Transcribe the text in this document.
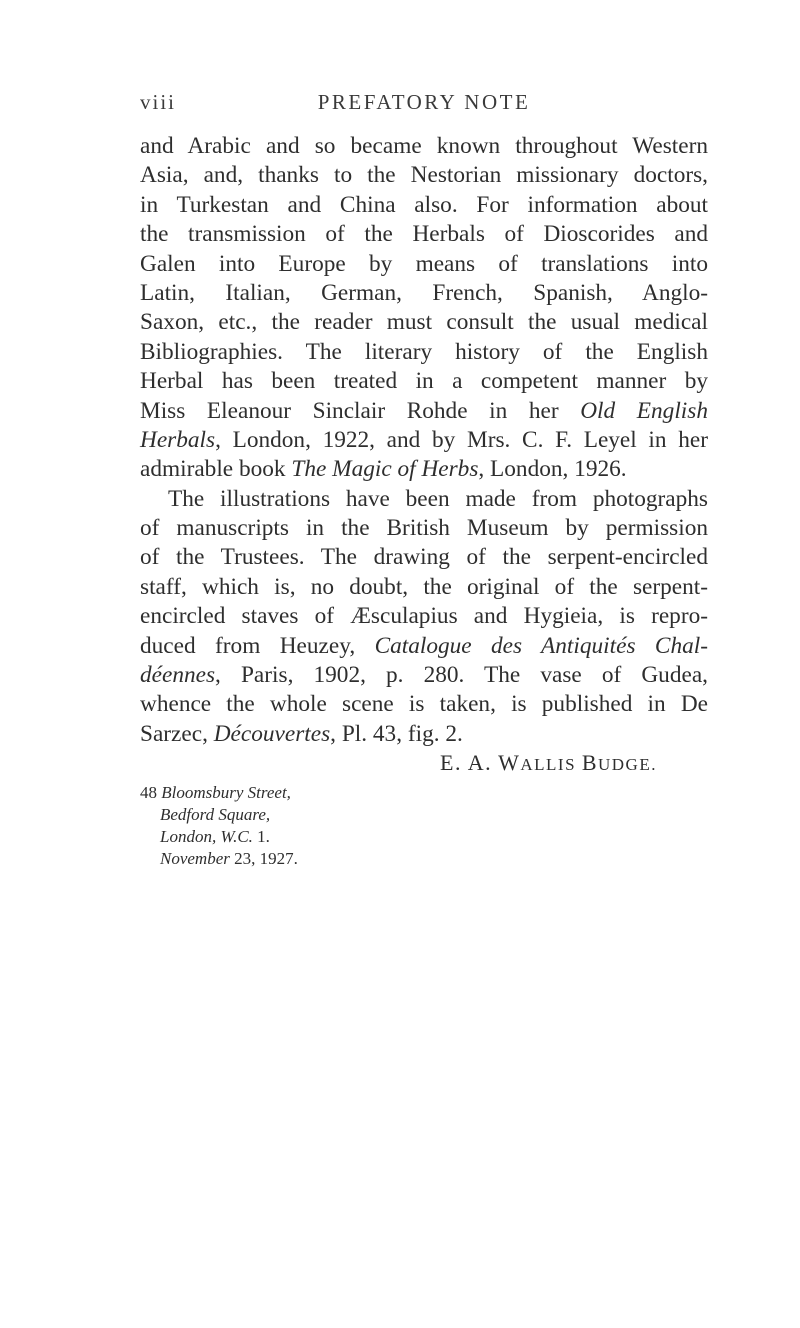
viii	PREFATORY NOTE
and Arabic and so became known throughout Western
Asia, and, thanks to the Nestorian missionary doctors,
in Turkestan and China also. For information about
the transmission of the Herbals of Dioscorides and
Galen into Europe by means of translations into
Latin, Italian, German, French, Spanish, Anglo-
Saxon, etc., the reader must consult the usual medical
Bibliographies. The literary history of the English
Herbal has been treated in a competent manner by
Miss Eleanour Sinclair Rohde in her Old English
Herbals, London, 1922, and by Mrs. C. F. Leyel in her
admirable book The Magic of Herbs, London, 1926.
The illustrations have been made from photographs
of manuscripts in the British Museum by permission
of the Trustees. The drawing of the serpent-encircled
staff, which is, no doubt, the original of the serpent-
encircled staves of Æsculapius and Hygieia, is repro-
duced from Heuzey, Catalogue des Antiquités Chal-
déennes, Paris, 1902, p. 280. The vase of Gudea,
whence the whole scene is taken, is published in De
Sarzec, Découvertes, Pl. 43, fig. 2.
E. A. WALLIS BUDGE.
48 Bloomsbury Street,
Bedford Square,
London, W.C. 1.
November 23, 1927.
